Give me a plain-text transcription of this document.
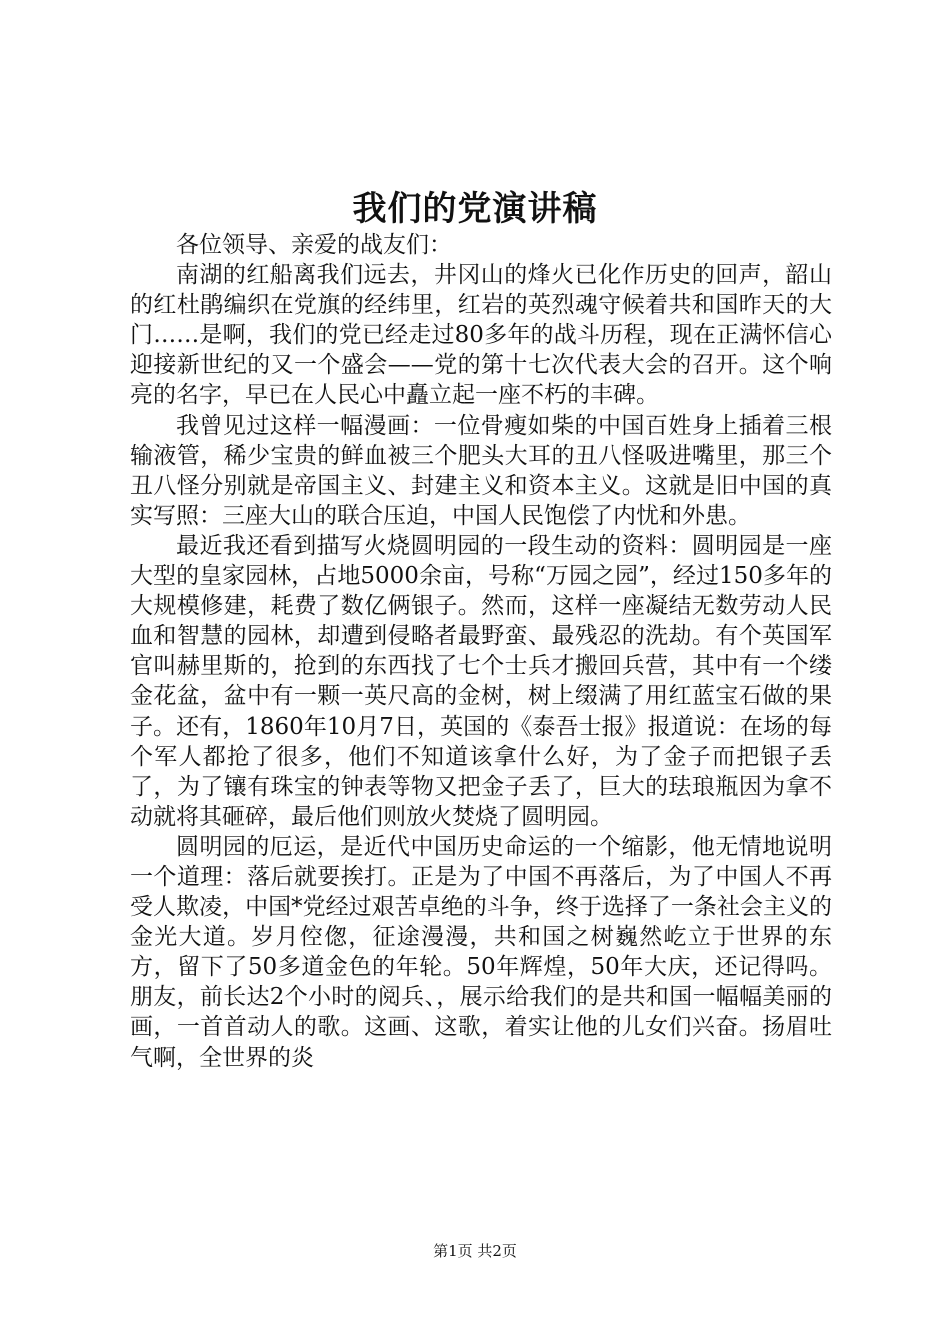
我们的党演讲稿

各位领导、亲爱的战友们：

南湖的红船离我们远去，井冈山的烽火已化作历史的回声，韶山的红杜鹃编织在党旗的经纬里，红岩的英烈魂守候着共和国昨天的大门……是啊，我们的党已经走过80多年的战斗历程，现在正满怀信心迎接新世纪的又一个盛会——党的第十七次代表大会的召开。这个响亮的名字，早已在人民心中矗立起一座不朽的丰碑。

我曾见过这样一幅漫画：一位骨瘦如柴的中国百姓身上插着三根输液管，稀少宝贵的鲜血被三个肥头大耳的丑八怪吸进嘴里，那三个丑八怪分别就是帝国主义、封建主义和资本主义。这就是旧中国的真实写照：三座大山的联合压迫，中国人民饱偿了内忧和外患。

最近我还看到描写火烧圆明园的一段生动的资料：圆明园是一座大型的皇家园林，占地5000余亩，号称“万园之园”，经过150多年的大规模修建，耗费了数亿俩银子。然而，这样一座凝结无数劳动人民血和智慧的园林，却遭到侵略者最野蛮、最残忍的洗劫。有个英国军官叫赫里斯的，抢到的东西找了七个士兵才搬回兵营，其中有一个缕金花盆，盆中有一颗一英尺高的金树，树上缀满了用红蓝宝石做的果子。还有，1860年10月7日，英国的《泰吾士报》报道说：在场的每个军人都抢了很多，他们不知道该拿什么好，为了金子而把银子丢了，为了镶有珠宝的钟表等物又把金子丢了，巨大的珐琅瓶因为拿不动就将其砸碎，最后他们则放火焚烧了圆明园。

圆明园的厄运，是近代中国历史命运的一个缩影，他无情地说明一个道理：落后就要挨打。正是为了中国不再落后，为了中国人不再受人欺凌，中国*党经过艰苦卓绝的斗争，终于选择了一条社会主义的金光大道。岁月倥偬，征途漫漫，共和国之树巍然屹立于世界的东方，留下了50多道金色的年轮。50年辉煌，50年大庆，还记得吗。朋友，前长达2个小时的阅兵、，展示给我们的是共和国一幅幅美丽的画，一首首动人的歌。这画、这歌，着实让他的儿女们兴奋。扬眉吐气啊，全世界的炎

第1页 共2页
